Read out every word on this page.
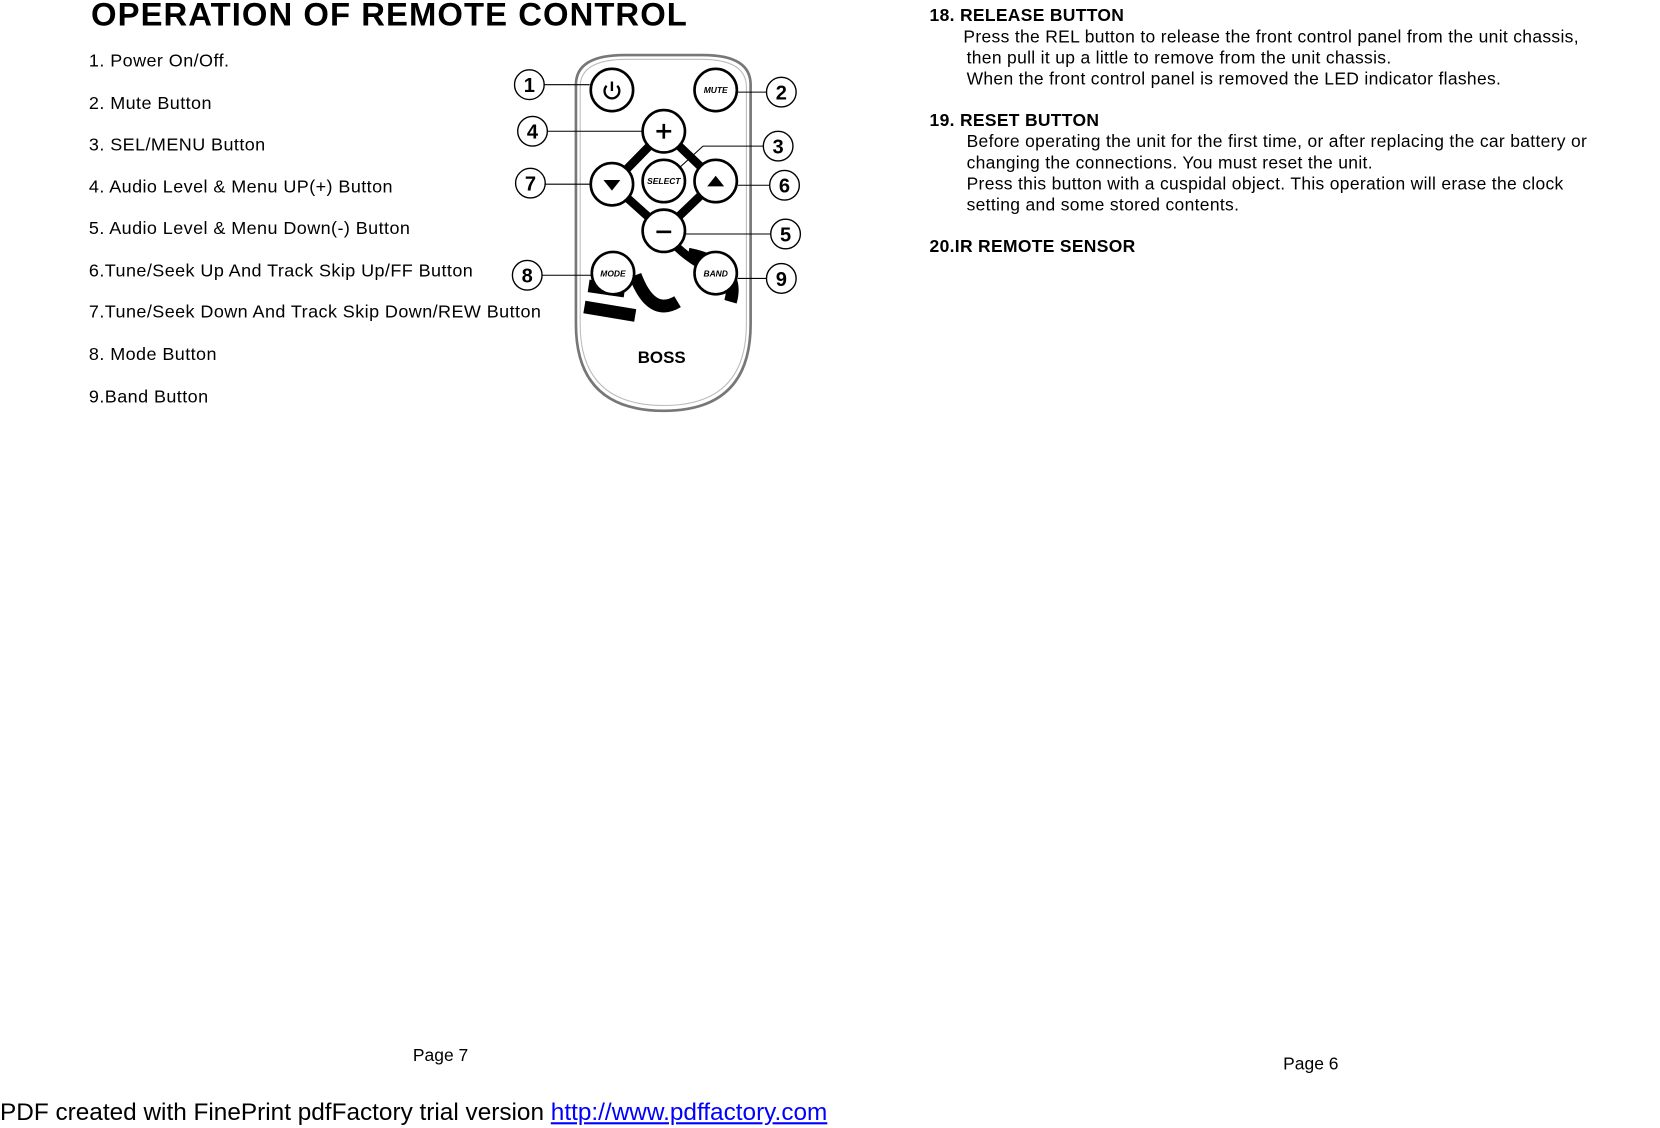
OPERATION OF REMOTE CONTROL
1. Power On/Off.
2. Mute Button
3. SEL/MENU Button
4. Audio Level & Menu UP(+) Button
5. Audio Level & Menu Down(-) Button
6.Tune/Seek Up And Track Skip Up/FF Button
7.Tune/Seek Down And Track Skip Down/REW Button
8. Mode Button
9.Band Button
MUTE
SELECT
MODE	BAND
BOSS
1	2
3
4
5
6
7
8	9
Page 7
18. RELEASE BUTTON
Press the REL button to release the front control panel from the unit chassis,
then pull it up a little to remove from the unit chassis.
When the front control panel is removed the LED indicator flashes.
19. RESET BUTTON
Before operating the unit for the first time, or after replacing the car battery or
changing the connections. You must reset the unit.
Press this button with a cuspidal object. This operation will erase the clock
setting and some stored contents.
20.IR REMOTE SENSOR
Page 6
PDF created with FinePrint pdfFactory trial version http://www.pdffactory.com
